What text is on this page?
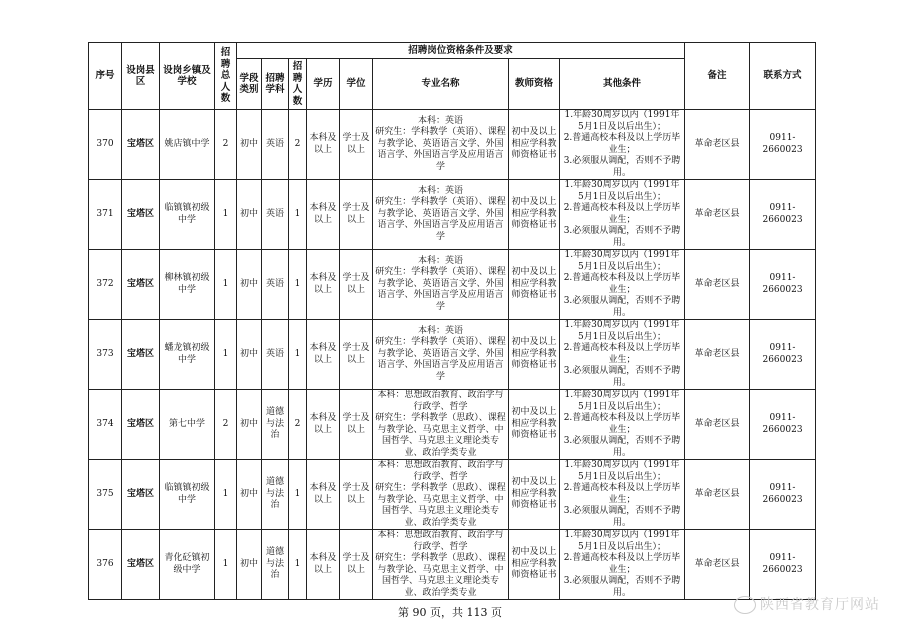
序号	设岗县区	设岗乡镇及学校	招聘总人数	招聘岗位资格条件及要求								备注	联系方式
				学段类别	招聘学科	招聘人数	学历	学位	专业名称	教师资格	其他条件		
370	宝塔区	姚店镇中学	2	初中	英语	2	本科及以上	学士及以上	本科：英语
研究生：学科教学（英语）、课程与教学论、英语语言文学、外国语言学、外国语言学及应用语言学	初中及以上相应学科教师资格证书	1.年龄30周岁以内（1991年5月1日及以后出生）；
2.普通高校本科及以上学历毕业生；
3.必须服从调配，否则不予聘用。	革命老区县	0911-2660023
371	宝塔区	临镇镇初级中学	1	初中	英语	1	本科及以上	学士及以上	本科：英语
研究生：学科教学（英语）、课程与教学论、英语语言文学、外国语言学、外国语言学及应用语言学	初中及以上相应学科教师资格证书	1.年龄30周岁以内（1991年5月1日及以后出生）；
2.普通高校本科及以上学历毕业生；
3.必须服从调配，否则不予聘用。	革命老区县	0911-2660023
372	宝塔区	柳林镇初级中学	1	初中	英语	1	本科及以上	学士及以上	本科：英语
研究生：学科教学（英语）、课程与教学论、英语语言文学、外国语言学、外国语言学及应用语言学	初中及以上相应学科教师资格证书	1.年龄30周岁以内（1991年5月1日及以后出生）；
2.普通高校本科及以上学历毕业生；
3.必须服从调配，否则不予聘用。	革命老区县	0911-2660023
373	宝塔区	蟠龙镇初级中学	1	初中	英语	1	本科及以上	学士及以上	本科：英语
研究生：学科教学（英语）、课程与教学论、英语语言文学、外国语言学、外国语言学及应用语言学	初中及以上相应学科教师资格证书	1.年龄30周岁以内（1991年5月1日及以后出生）；
2.普通高校本科及以上学历毕业生；
3.必须服从调配，否则不予聘用。	革命老区县	0911-2660023
374	宝塔区	第七中学	2	初中	道德与法治	2	本科及以上	学士及以上	本科：思想政治教育、政治学与行政学、哲学
研究生：学科教学（思政）、课程与教学论、马克思主义哲学、中国哲学、马克思主义理论类专业、政治学类专业	初中及以上相应学科教师资格证书	1.年龄30周岁以内（1991年5月1日及以后出生）；
2.普通高校本科及以上学历毕业生；
3.必须服从调配，否则不予聘用。	革命老区县	0911-2660023
375	宝塔区	临镇镇初级中学	1	初中	道德与法治	1	本科及以上	学士及以上	本科：思想政治教育、政治学与行政学、哲学
研究生：学科教学（思政）、课程与教学论、马克思主义哲学、中国哲学、马克思主义理论类专业、政治学类专业	初中及以上相应学科教师资格证书	1.年龄30周岁以内（1991年5月1日及以后出生）；
2.普通高校本科及以上学历毕业生；
3.必须服从调配，否则不予聘用。	革命老区县	0911-2660023
376	宝塔区	青化砭镇初级中学	1	初中	道德与法治	1	本科及以上	学士及以上	本科：思想政治教育、政治学与行政学、哲学
研究生：学科教学（思政）、课程与教学论、马克思主义哲学、中国哲学、马克思主义理论类专业、政治学类专业	初中及以上相应学科教师资格证书	1.年龄30周岁以内（1991年5月1日及以后出生）；
2.普通高校本科及以上学历毕业生；
3.必须服从调配，否则不予聘用。	革命老区县	0911-2660023
第 90 页，共 113 页	陕西省教育厅网站
